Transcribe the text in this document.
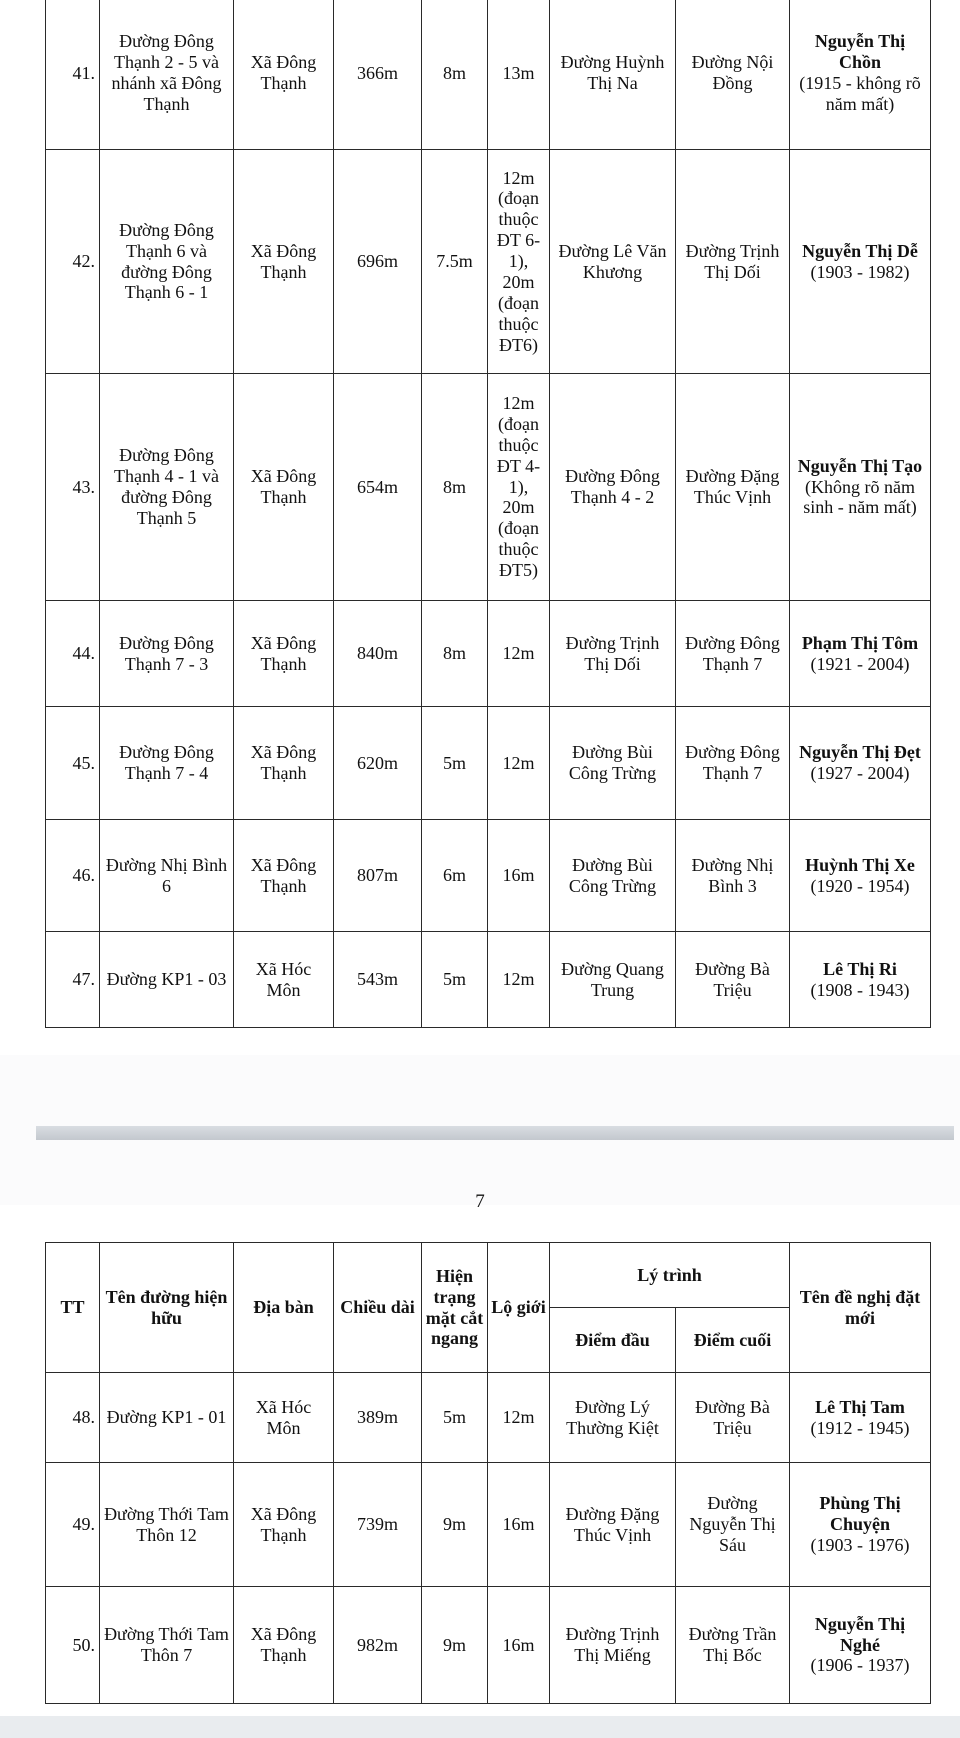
41.	Đường Đông Thạnh 2 - 5 và nhánh xã Đông Thạnh	Xã Đông Thạnh	366m	8m	13m	Đường Huỳnh Thị Na	Đường Nội Đồng	Nguyễn Thị Chồn
(1915 - không rõ năm mất)

42.	Đường Đông Thạnh 6 và đường Đông Thạnh 6 - 1	Xã Đông Thạnh	696m	7.5m	12m (đoạn thuộc ĐT 6-1), 20m (đoạn thuộc ĐT6)	Đường Lê Văn Khương	Đường Trịnh Thị Dối	Nguyễn Thị Dễ
(1903 - 1982)

43.	Đường Đông Thạnh 4 - 1 và đường Đông Thạnh 5	Xã Đông Thạnh	654m	8m	12m (đoạn thuộc ĐT 4-1), 20m (đoạn thuộc ĐT5)	Đường Đông Thạnh 4 - 2	Đường Đặng Thúc Vịnh	Nguyễn Thị Tạo
(Không rõ năm sinh - năm mất)

44.	Đường Đông Thạnh 7 - 3	Xã Đông Thạnh	840m	8m	12m	Đường Trịnh Thị Dối	Đường Đông Thạnh 7	Phạm Thị Tôm
(1921 - 2004)

45.	Đường Đông Thạnh 7 - 4	Xã Đông Thạnh	620m	5m	12m	Đường Bùi Công Trừng	Đường Đông Thạnh 7	Nguyễn Thị Đẹt
(1927 - 2004)

46.	Đường Nhị Bình 6	Xã Đông Thạnh	807m	6m	16m	Đường Bùi Công Trừng	Đường Nhị Bình 3	Huỳnh Thị Xe
(1920 - 1954)

47.	Đường KP1 - 03	Xã Hóc Môn	543m	5m	12m	Đường Quang Trung	Đường Bà Triệu	Lê Thị Ri
(1908 - 1943)
7
TT	Tên đường hiện hữu	Địa bàn	Chiều dài	Hiện trạng mặt cắt ngang	Lộ giới	Lý trình		Tên đề nghị đặt mới
						Điểm đầu	Điểm cuối	
48.	Đường KP1 - 01	Xã Hóc Môn	389m	5m	12m	Đường Lý Thường Kiệt	Đường Bà Triệu	Lê Thị Tam
(1912 - 1945)

49.	Đường Thới Tam Thôn 12	Xã Đông Thạnh	739m	9m	16m	Đường Đặng Thúc Vịnh	Đường Nguyễn Thị Sáu	Phùng Thị Chuyện
(1903 - 1976)

50.	Đường Thới Tam Thôn 7	Xã Đông Thạnh	982m	9m	16m	Đường Trịnh Thị Miếng	Đường Trần Thị Bốc	Nguyễn Thị Nghé
(1906 - 1937)
